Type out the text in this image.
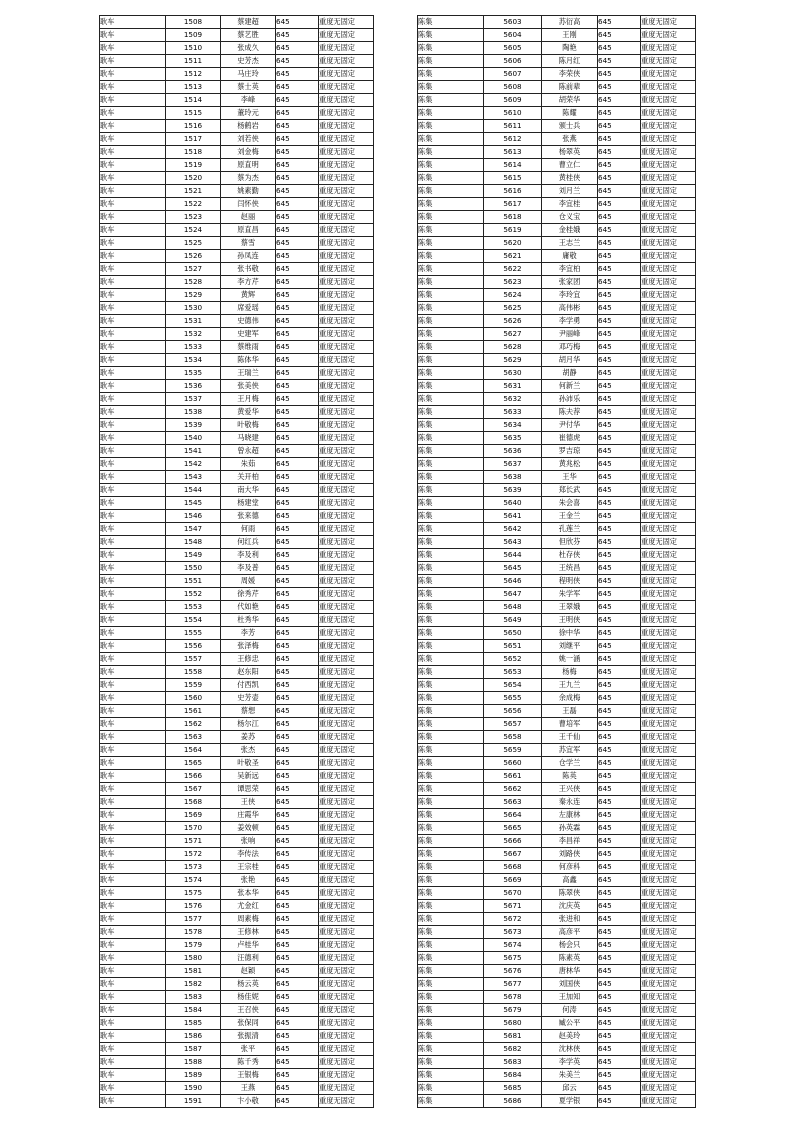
耿车	1508	蔡建超	645	重度无固定
耿车	1509	蔡艺胜	645	重度无固定
耿车	1510	张成久	645	重度无固定
耿车	1511	史芳杰	645	重度无固定
耿车	1512	马庄玲	645	重度无固定
耿车	1513	蔡士英	645	重度无固定
耿车	1514	李峰	645	重度无固定
耿车	1515	董玲元	645	重度无固定
耿车	1516	杨鹤岩	645	重度无固定
耿车	1517	刘若侠	645	重度无固定
耿车	1518	刘金梅	645	重度无固定
耿车	1519	原直明	645	重度无固定
耿车	1520	蔡为杰	645	重度无固定
耿车	1521	姚素勤	645	重度无固定
耿车	1522	闫怀侠	645	重度无固定
耿车	1523	赵丽	645	重度无固定
耿车	1524	原直昌	645	重度无固定
耿车	1525	蔡雪	645	重度无固定
耿车	1526	孙凤连	645	重度无固定
耿车	1527	张书敬	645	重度无固定
耿车	1528	李方芹	645	重度无固定
耿车	1529	黄辉	645	重度无固定
耿车	1530	席爱瑶	645	重度无固定
耿车	1531	史德伟	645	重度无固定
耿车	1532	史建军	645	重度无固定
耿车	1533	蔡维雨	645	重度无固定
耿车	1534	陈体华	645	重度无固定
耿车	1535	王瑞兰	645	重度无固定
耿车	1536	张美侠	645	重度无固定
耿车	1537	王月梅	645	重度无固定
耿车	1538	黄爱华	645	重度无固定
耿车	1539	叶敬梅	645	重度无固定
耿车	1540	马晓建	645	重度无固定
耿车	1541	曾永超	645	重度无固定
耿车	1542	朱茹	645	重度无固定
耿车	1543	关开柏	645	重度无固定
耿车	1544	南大华	645	重度无固定
耿车	1545	杨建堂	645	重度无固定
耿车	1546	张来德	645	重度无固定
耿车	1547	何雨	645	重度无固定
耿车	1548	何红兵	645	重度无固定
耿车	1549	李及利	645	重度无固定
耿车	1550	李及普	645	重度无固定
耿车	1551	周媛	645	重度无固定
耿车	1552	徐秀芹	645	重度无固定
耿车	1553	代如艳	645	重度无固定
耿车	1554	杜秀华	645	重度无固定
耿车	1555	李芳	645	重度无固定
耿车	1556	张泽梅	645	重度无固定
耿车	1557	王修忠	645	重度无固定
耿车	1558	赵东阳	645	重度无固定
耿车	1559	付西凯	645	重度无固定
耿车	1560	史芳壶	645	重度无固定
耿车	1561	蔡想	645	重度无固定
耿车	1562	杨尔江	645	重度无固定
耿车	1563	姜苏	645	重度无固定
耿车	1564	张杰	645	重度无固定
耿车	1565	叶敬圣	645	重度无固定
耿车	1566	吴新远	645	重度无固定
耿车	1567	谭思荣	645	重度无固定
耿车	1568	王侠	645	重度无固定
耿车	1569	庄霞华	645	重度无固定
耿车	1570	姜效顿	645	重度无固定
耿车	1571	张响	645	重度无固定
耿车	1572	李传法	645	重度无固定
耿车	1573	王宗桂	645	重度无固定
耿车	1574	张艳	645	重度无固定
耿车	1575	张本华	645	重度无固定
耿车	1576	尤金红	645	重度无固定
耿车	1577	周素梅	645	重度无固定
耿车	1578	王修林	645	重度无固定
耿车	1579	卢桂华	645	重度无固定
耿车	1580	汪德利	645	重度无固定
耿车	1581	赵颖	645	重度无固定
耿车	1582	杨云英	645	重度无固定
耿车	1583	杨佳妮	645	重度无固定
耿车	1584	王召侠	645	重度无固定
耿车	1585	张保同	645	重度无固定
耿车	1586	张振清	645	重度无固定
耿车	1587	张平	645	重度无固定
耿车	1588	陈千秀	645	重度无固定
耿车	1589	王银梅	645	重度无固定
耿车	1590	王燕	645	重度无固定
耿车	1591	卞小敬	645	重度无固定
陈集	5603	苏衍高	645	重度无固定
陈集	5604	王刚	645	重度无固定
陈集	5605	陶艳	645	重度无固定
陈集	5606	陈月红	645	重度无固定
陈集	5607	李荣侠	645	重度无固定
陈集	5608	陈前辈	645	重度无固定
陈集	5609	胡荣华	645	重度无固定
陈集	5610	陈耀	645	重度无固定
陈集	5611	颁士兵	645	重度无固定
陈集	5612	张燕	645	重度无固定
陈集	5613	杨翠英	645	重度无固定
陈集	5614	曹立仁	645	重度无固定
陈集	5615	黄桂侠	645	重度无固定
陈集	5616	刘月兰	645	重度无固定
陈集	5617	李宜桂	645	重度无固定
陈集	5618	仓义宝	645	重度无固定
陈集	5619	金桂娥	645	重度无固定
陈集	5620	王志兰	645	重度无固定
陈集	5621	庸敬	645	重度无固定
陈集	5622	李宜柏	645	重度无固定
陈集	5623	张家团	645	重度无固定
陈集	5624	李玲宜	645	重度无固定
陈集	5625	高伟彬	645	重度无固定
陈集	5626	李学勇	645	重度无固定
陈集	5627	尹丽峰	645	重度无固定
陈集	5628	邓巧梅	645	重度无固定
陈集	5629	胡月华	645	重度无固定
陈集	5630	胡静	645	重度无固定
陈集	5631	何新兰	645	重度无固定
陈集	5632	孙沛乐	645	重度无固定
陈集	5633	陈夫荐	645	重度无固定
陈集	5634	尹付华	645	重度无固定
陈集	5635	崔德虎	645	重度无固定
陈集	5636	罗吉琼	645	重度无固定
陈集	5637	黄兆松	645	重度无固定
陈集	5638	王华	645	重度无固定
陈集	5639	郑长武	645	重度无固定
陈集	5640	朱会喜	645	重度无固定
陈集	5641	王金兰	645	重度无固定
陈集	5642	孔莲兰	645	重度无固定
陈集	5643	但欣芬	645	重度无固定
陈集	5644	杜存侠	645	重度无固定
陈集	5645	王统昌	645	重度无固定
陈集	5646	程明侠	645	重度无固定
陈集	5647	朱学军	645	重度无固定
陈集	5648	王翠娥	645	重度无固定
陈集	5649	王明侠	645	重度无固定
陈集	5650	徐中华	645	重度无固定
陈集	5651	刘继平	645	重度无固定
陈集	5652	姚一涵	645	重度无固定
陈集	5653	杨梅	645	重度无固定
陈集	5654	王九兰	645	重度无固定
陈集	5655	余成梅	645	重度无固定
陈集	5656	王磊	645	重度无固定
陈集	5657	曹培军	645	重度无固定
陈集	5658	王千仙	645	重度无固定
陈集	5659	苏宜军	645	重度无固定
陈集	5660	仓学兰	645	重度无固定
陈集	5661	陈英	645	重度无固定
陈集	5662	王兴侠	645	重度无固定
陈集	5663	秦永连	645	重度无固定
陈集	5664	左康林	645	重度无固定
陈集	5665	孙英霖	645	重度无固定
陈集	5666	李昌祥	645	重度无固定
陈集	5667	刘路侠	645	重度无固定
陈集	5668	何彦科	645	重度无固定
陈集	5669	高鑫	645	重度无固定
陈集	5670	陈翠侠	645	重度无固定
陈集	5671	沈庆英	645	重度无固定
陈集	5672	张进和	645	重度无固定
陈集	5673	高彦平	645	重度无固定
陈集	5674	杨会只	645	重度无固定
陈集	5675	陈素英	645	重度无固定
陈集	5676	唐林华	645	重度无固定
陈集	5677	刘国侠	645	重度无固定
陈集	5678	王加知	645	重度无固定
陈集	5679	何涛	645	重度无固定
陈集	5680	臧公平	645	重度无固定
陈集	5681	赵美玲	645	重度无固定
陈集	5682	沈林侠	645	重度无固定
陈集	5683	李学英	645	重度无固定
陈集	5684	朱美兰	645	重度无固定
陈集	5685	邱云	645	重度无固定
陈集	5686	夏学银	645	重度无固定
